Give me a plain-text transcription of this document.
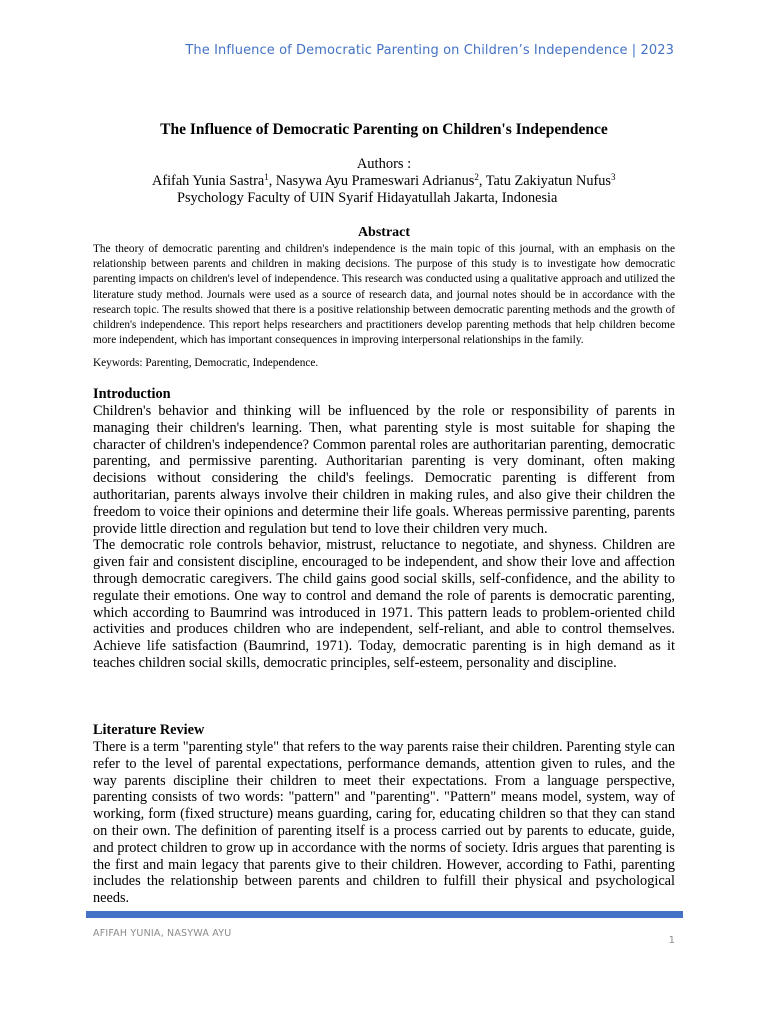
The Influence of Democratic Parenting on Children’s Independence | 2023
The Influence of Democratic Parenting on Children's Independence
Authors :
Afifah Yunia Sastra$^1$, Nasywa Ayu Prameswari Adrianus$^2$, Tatu Zakiyatun Nufus$^3$
Psychology Faculty of UIN Syarif Hidayatullah Jakarta, Indonesia
Abstract

The theory of democratic parenting and children's independence is the main topic of this journal, with an emphasis on the relationship between parents and children in making decisions. The purpose of this study is to investigate how democratic parenting impacts on children's level of independence. This research was conducted using a qualitative approach and utilized the literature study method. Journals were used as a source of research data, and journal notes should be in accordance with the research topic. The results showed that there is a positive relationship between democratic parenting methods and the growth of children's independence. This report helps researchers and practitioners develop parenting methods that help children become more independent, which has important consequences in improving interpersonal relationships in the family.

Keywords: Parenting, Democratic, Independence.
Introduction

Children's behavior and thinking will be influenced by the role or responsibility of parents in managing their children's learning. Then, what parenting style is most suitable for shaping the character of children's independence? Common parental roles are authoritarian parenting, democratic parenting, and permissive parenting. Authoritarian parenting is very dominant, often making decisions without considering the child's feelings. Democratic parenting is different from authoritarian, parents always involve their children in making rules, and also give their children the freedom to voice their opinions and determine their life goals. Whereas permissive parenting, parents provide little direction and regulation but tend to love their children very much.

The democratic role controls behavior, mistrust, reluctance to negotiate, and shyness. Children are given fair and consistent discipline, encouraged to be independent, and show their love and affection through democratic caregivers. The child gains good social skills, self-confidence, and the ability to regulate their emotions. One way to control and demand the role of parents is democratic parenting, which according to Baumrind was introduced in 1971. This pattern leads to problem-oriented child activities and produces children who are independent, self-reliant, and able to control themselves. Achieve life satisfaction (Baumrind, 1971). Today, democratic parenting is in high demand as it teaches children social skills, democratic principles, self-esteem, personality and discipline.

Literature Review

There is a term "parenting style" that refers to the way parents raise their children. Parenting style can refer to the level of parental expectations, performance demands, attention given to rules, and the way parents discipline their children to meet their expectations. From a language perspective, parenting consists of two words: "pattern" and "parenting". "Pattern" means model, system, way of working, form (fixed structure) means guarding, caring for, educating children so that they can stand on their own. The definition of parenting itself is a process carried out by parents to educate, guide, and protect children to grow up in accordance with the norms of society. Idris argues that parenting is the first and main legacy that parents give to their children. However, according to Fathi, parenting includes the relationship between parents and children to fulfill their physical and psychological needs.

AFIFAH YUNIA, NASYWA AYU
1
